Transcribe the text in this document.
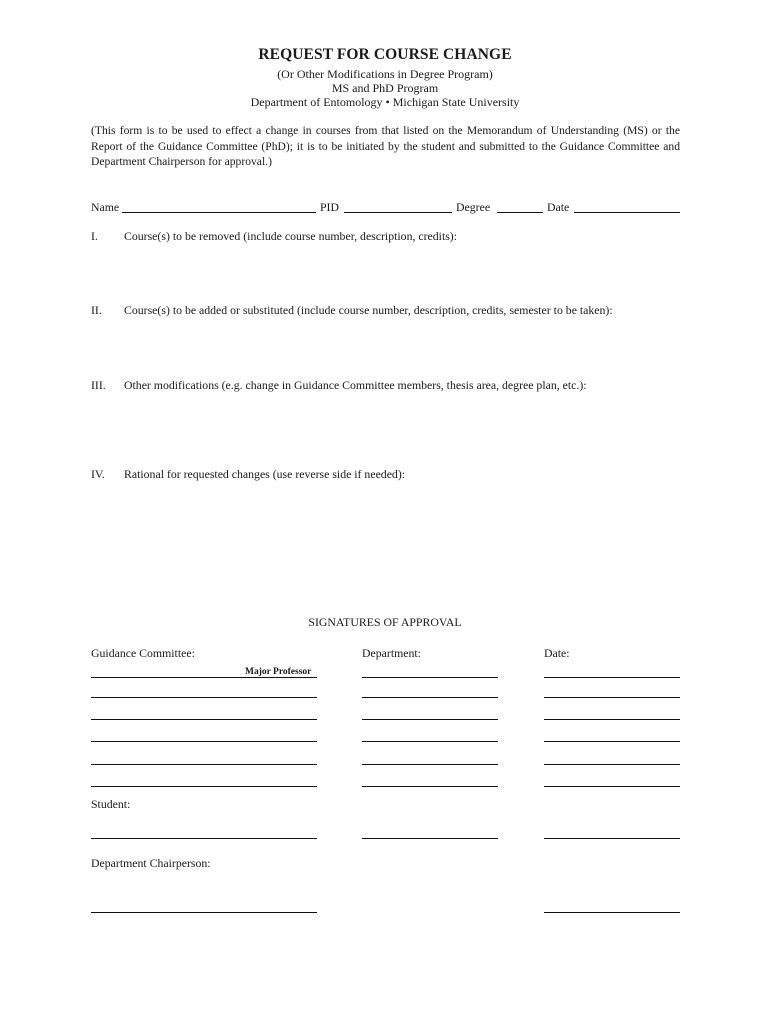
REQUEST FOR COURSE CHANGE
(Or Other Modifications in Degree Program)
MS and PhD Program
Department of Entomology • Michigan State University
(This form is to be used to effect a change in courses from that listed on the Memorandum of Understanding (MS) or the Report of the Guidance Committee (PhD); it is to be initiated by the student and submitted to the Guidance Committee and Department Chairperson for approval.)
Name	PID	Degree	Date
I. Course(s) to be removed (include course number, description, credits):
II. Course(s) to be added or substituted (include course number, description, credits, semester to be taken):
III. Other modifications (e.g. change in Guidance Committee members, thesis area, degree plan, etc.):
IV. Rational for requested changes (use reverse side if needed):
SIGNATURES OF APPROVAL
Guidance Committee:	Department:	Date:
Major Professor
Student:
Department Chairperson:
